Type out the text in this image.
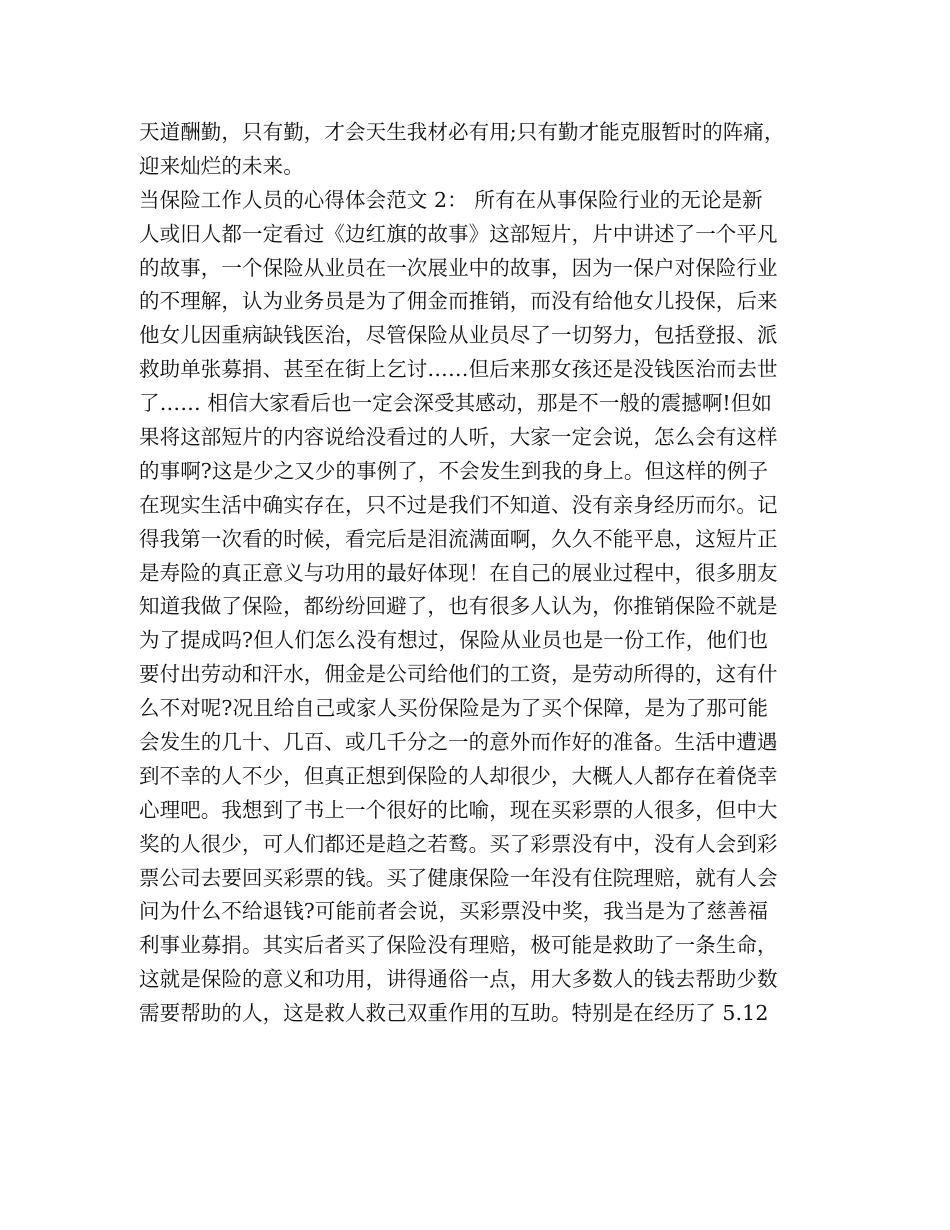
天道酬勤，只有勤，才会天生我材必有用;只有勤才能克服暂时的阵痛，
迎来灿烂的未来。
当保险工作人员的心得体会范文 2： 所有在从事保险行业的无论是新
人或旧人都一定看过《边红旗的故事》这部短片，片中讲述了一个平凡
的故事，一个保险从业员在一次展业中的故事，因为一保户对保险行业
的不理解，认为业务员是为了佣金而推销，而没有给他女儿投保，后来
他女儿因重病缺钱医治，尽管保险从业员尽了一切努力，包括登报、派
救助单张募捐、甚至在街上乞讨……但后来那女孩还是没钱医治而去世
了…… 相信大家看后也一定会深受其感动，那是不一般的震撼啊!但如
果将这部短片的内容说给没看过的人听，大家一定会说，怎么会有这样
的事啊?这是少之又少的事例了，不会发生到我的身上。但这样的例子
在现实生活中确实存在，只不过是我们不知道、没有亲身经历而尔。记
得我第一次看的时候，看完后是泪流满面啊，久久不能平息，这短片正
是寿险的真正意义与功用的最好体现！在自己的展业过程中，很多朋友
知道我做了保险，都纷纷回避了，也有很多人认为，你推销保险不就是
为了提成吗?但人们怎么没有想过，保险从业员也是一份工作，他们也
要付出劳动和汗水，佣金是公司给他们的工资，是劳动所得的，这有什
么不对呢?况且给自己或家人买份保险是为了买个保障，是为了那可能
会发生的几十、几百、或几千分之一的意外而作好的准备。生活中遭遇
到不幸的人不少，但真正想到保险的人却很少，大概人人都存在着侥幸
心理吧。我想到了书上一个很好的比喻，现在买彩票的人很多，但中大
奖的人很少，可人们都还是趋之若鹜。买了彩票没有中，没有人会到彩
票公司去要回买彩票的钱。买了健康保险一年没有住院理赔，就有人会
问为什么不给退钱?可能前者会说，买彩票没中奖，我当是为了慈善福
利事业募捐。其实后者买了保险没有理赔，极可能是救助了一条生命，
这就是保险的意义和功用，讲得通俗一点，用大多数人的钱去帮助少数
需要帮助的人，这是救人救己双重作用的互助。特别是在经历了 5.12
